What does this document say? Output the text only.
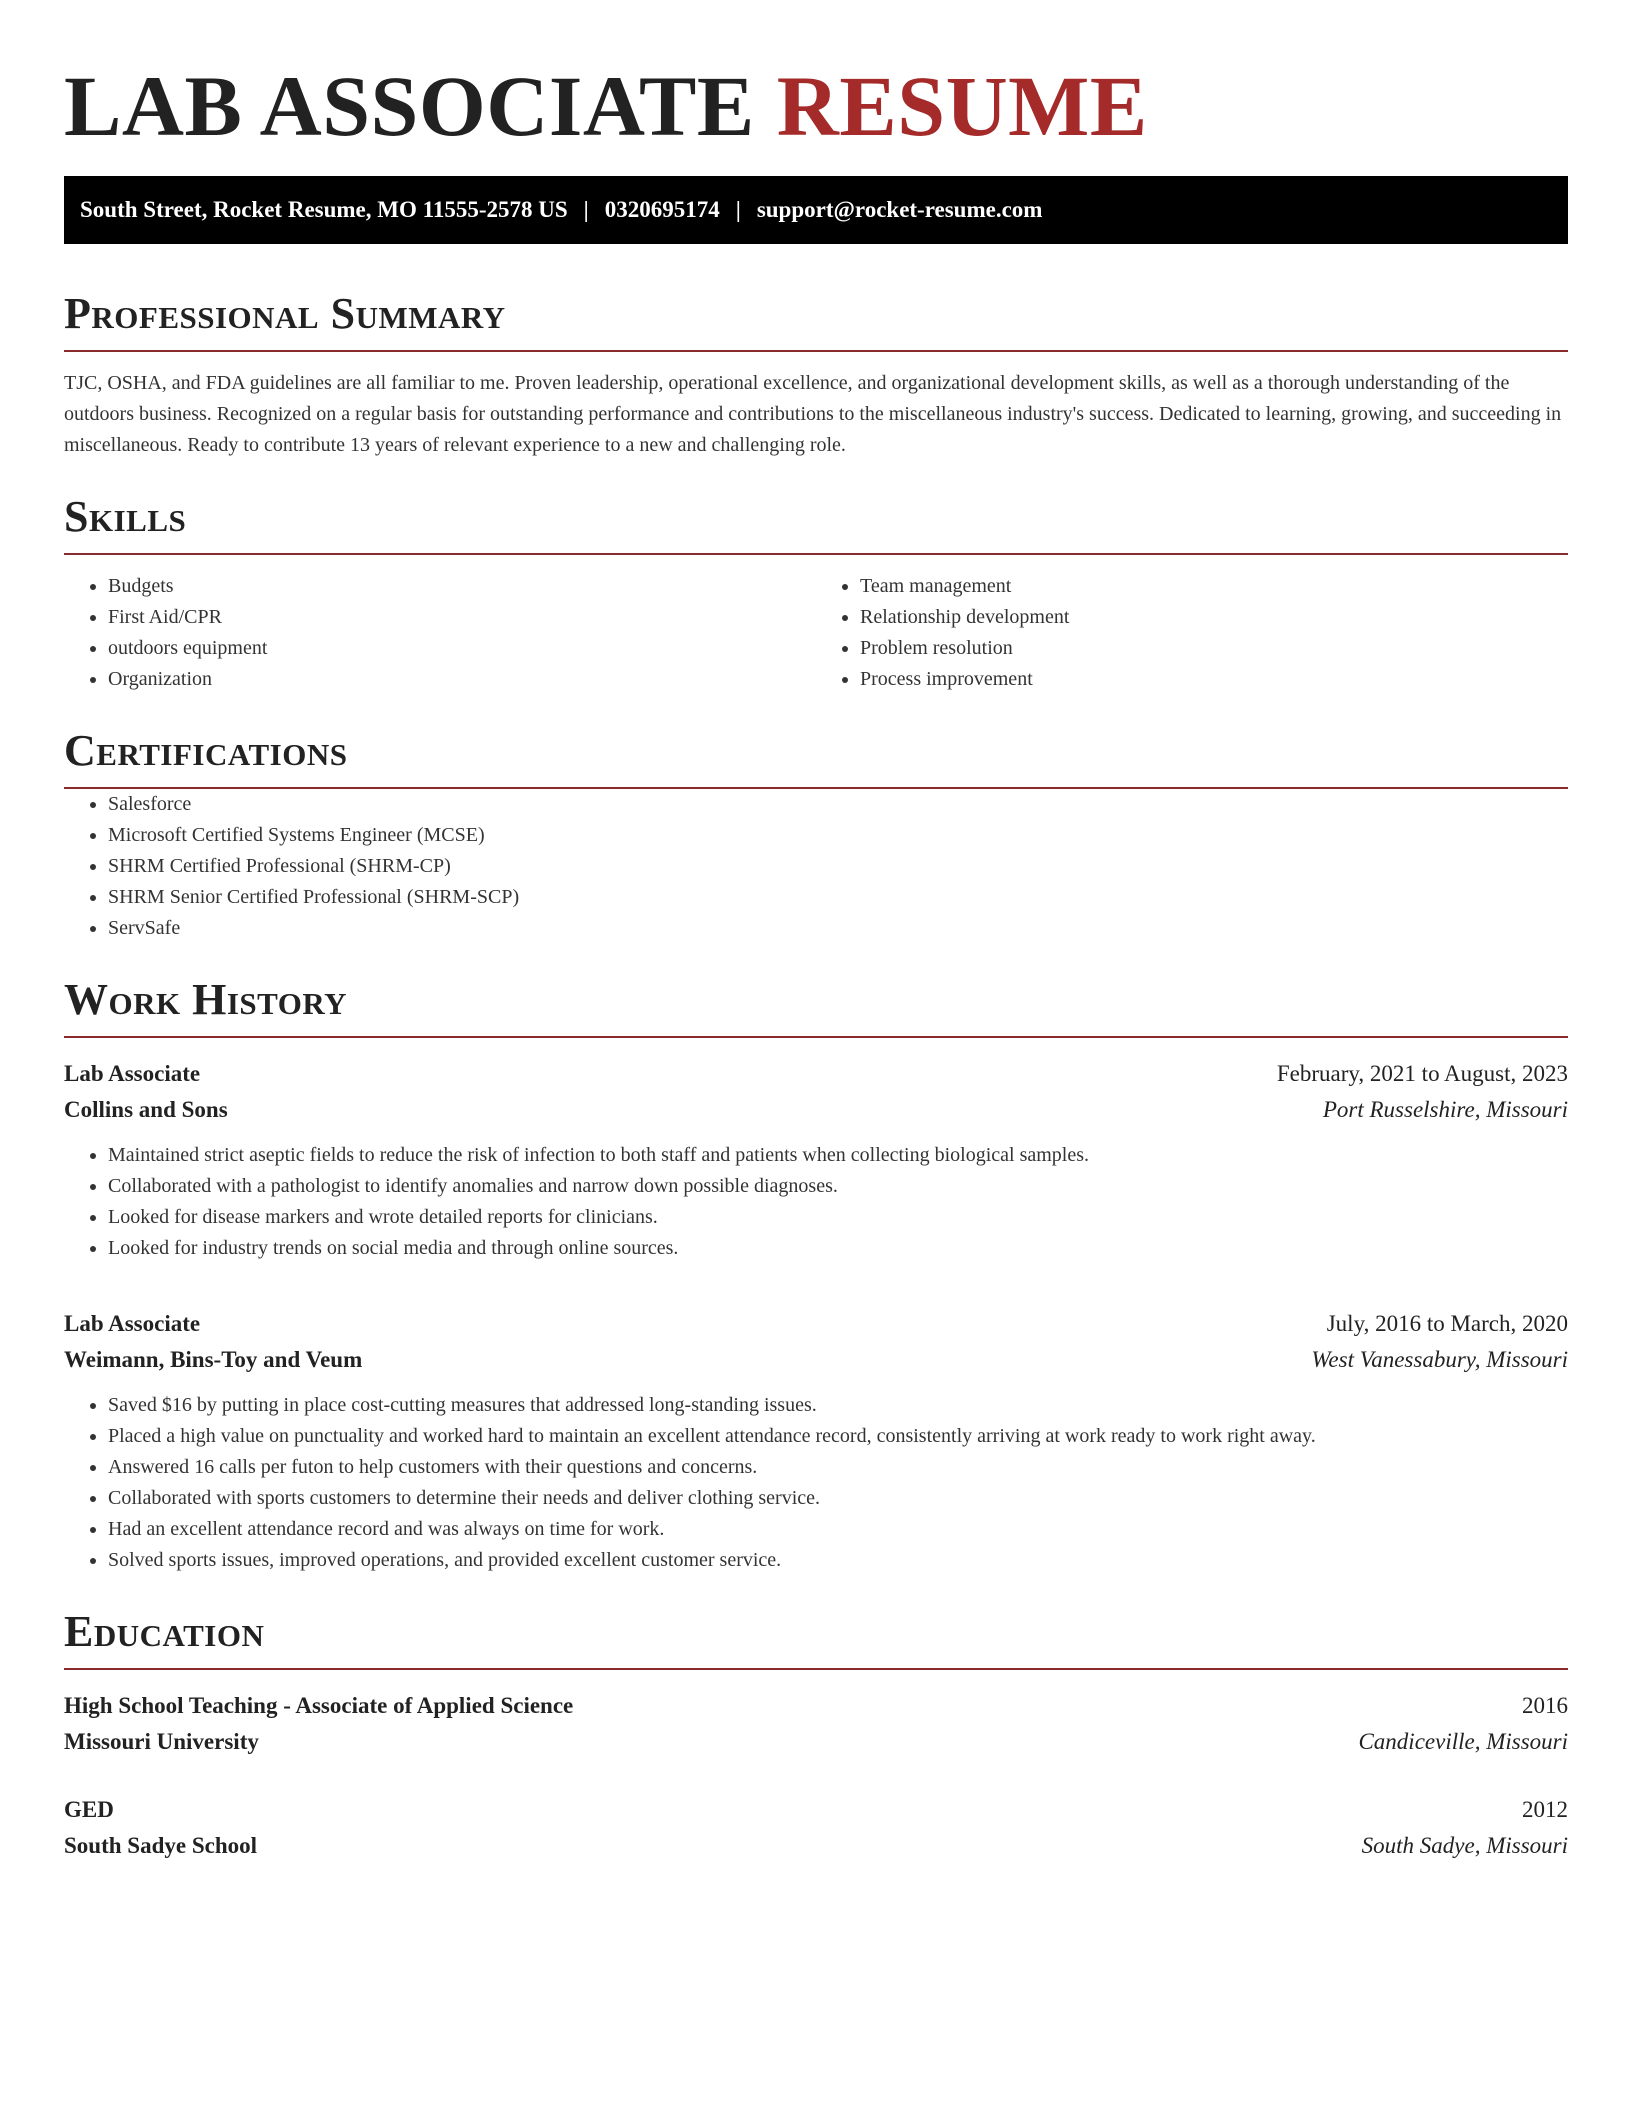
LAB ASSOCIATE RESUME
South Street, Rocket Resume, MO 11555-2578 US | 0320695174 | support@rocket-resume.com
Professional Summary

TJC, OSHA, and FDA guidelines are all familiar to me. Proven leadership, operational excellence, and organizational development skills, as well as a thorough understanding of the outdoors business. Recognized on a regular basis for outstanding performance and contributions to the miscellaneous industry's success. Dedicated to learning, growing, and succeeding in miscellaneous. Ready to contribute 13 years of relevant experience to a new and challenging role.

Skills
• Budgets
• First Aid/CPR
• outdoors equipment
• Organization
• Team management
• Relationship development
• Problem resolution
• Process improvement
Certifications
• Salesforce
• Microsoft Certified Systems Engineer (MCSE)
• SHRM Certified Professional (SHRM-CP)
• SHRM Senior Certified Professional (SHRM-SCP)
• ServSafe
Work History
Lab Associate	February, 2021 to August, 2023
Collins and Sons	Port Russelshire, Missouri
• Maintained strict aseptic fields to reduce the risk of infection to both staff and patients when collecting biological samples.
• Collaborated with a pathologist to identify anomalies and narrow down possible diagnoses.
• Looked for disease markers and wrote detailed reports for clinicians.
• Looked for industry trends on social media and through online sources.
Lab Associate	July, 2016 to March, 2020
Weimann, Bins-Toy and Veum	West Vanessabury, Missouri
• Saved $16 by putting in place cost-cutting measures that addressed long-standing issues.
• Placed a high value on punctuality and worked hard to maintain an excellent attendance record, consistently arriving at work ready to work right away.
• Answered 16 calls per futon to help customers with their questions and concerns.
• Collaborated with sports customers to determine their needs and deliver clothing service.
• Had an excellent attendance record and was always on time for work.
• Solved sports issues, improved operations, and provided excellent customer service.
Education
High School Teaching - Associate of Applied Science	2016
Missouri University	Candiceville, Missouri
GED	2012
South Sadye School	South Sadye, Missouri
